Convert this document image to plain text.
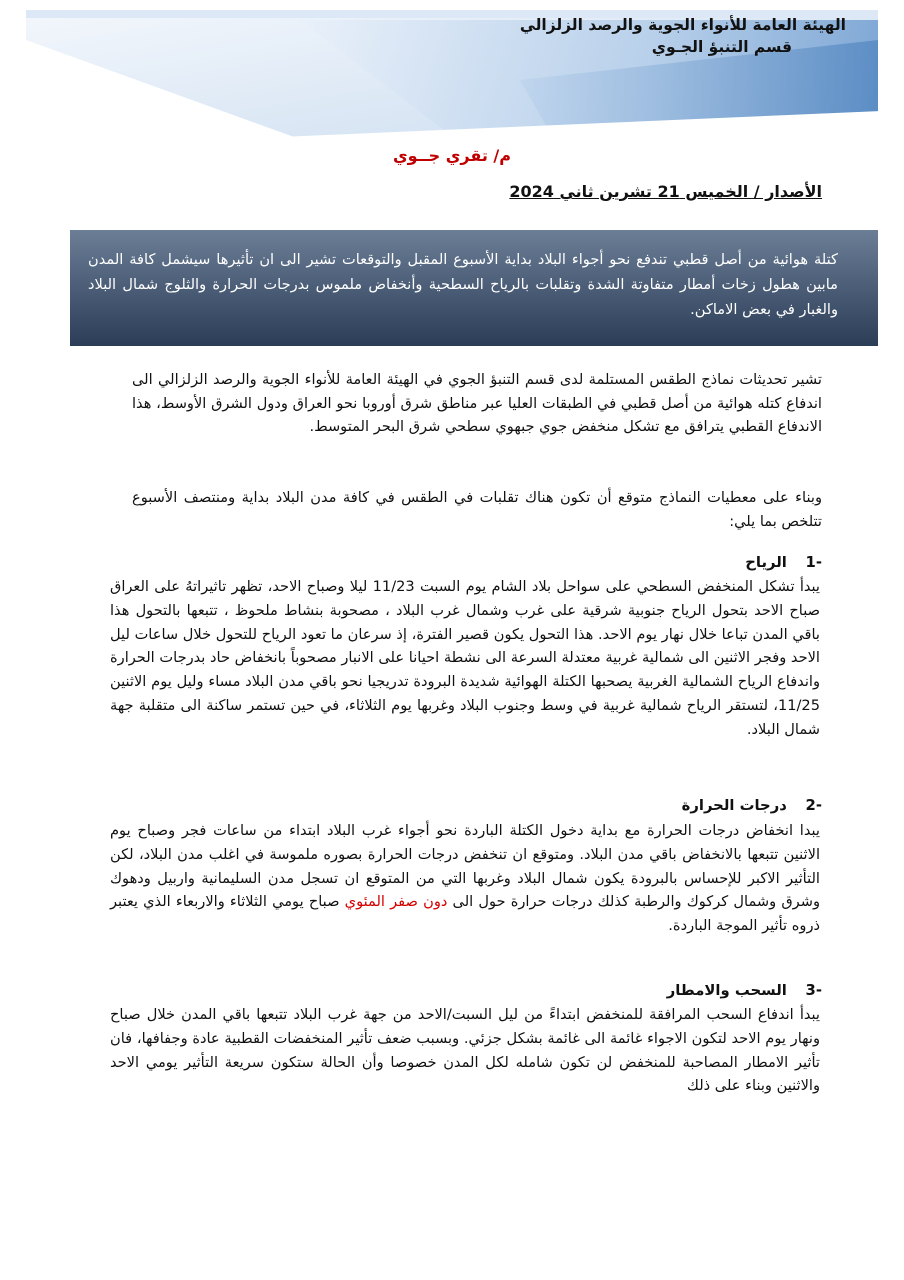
الهيئة العامة للأنواء الجوية والرصد الزلزالي
قسم التنبؤ الجـوي
م/ تقري جــوي
الأصدار / الخميس 21 تشرين ثاني 2024
كتلة هوائية من أصل قطبي تندفع نحو أجواء البلاد بداية الأسبوع المقبل والتوقعات تشير الى ان تأثيرها سيشمل كافة المدن مابين هطول زخات أمطار متفاوتة الشدة وتقلبات بالرياح السطحية وأنخفاض ملموس بدرجات الحرارة والثلوج شمال البلاد والغبار في بعض الاماكن.
تشير تحديثات نماذج الطقس المستلمة لدى قسم التنبؤ الجوي في الهيئة العامة للأنواء الجوية والرصد الزلزالي الى اندفاع كتله هوائية من أصل قطبي في الطبقات العليا عبر مناطق شرق أوروبا نحو العراق ودول الشرق الأوسط، هذا الاندفاع القطبي يترافق مع تشكل منخفض جوي جبهوي سطحي شرق البحر المتوسط.
وبناء على معطيات النماذج متوقع أن تكون هناك تقلبات في الطقس في كافة مدن البلاد بداية ومنتصف الأسبوع تتلخص بما يلي:
-1 الرياح
يبدأ تشكل المنخفض السطحي على سواحل بلاد الشام يوم السبت 11/23 ليلا وصباح الاحد، تظهر تاثيراتهُ على العراق صباح الاحد بتحول الرياح جنوبية شرقية على غرب وشمال غرب البلاد ، مصحوبة بنشاط ملحوظ ، تتبعها بالتحول هذا باقي المدن تباعا خلال نهار يوم الاحد. هذا التحول يكون قصير الفترة، إذ سرعان ما تعود الرياح للتحول خلال ساعات ليل الاحد وفجر الاثنين الى شمالية غربية معتدلة السرعة الى نشطة احيانا على الانبار مصحوباً بانخفاض حاد بدرجات الحرارة واندفاع الرياح الشمالية الغربية يصحبها الكتلة الهوائية شديدة البرودة تدريجيا نحو باقي مدن البلاد مساء وليل يوم الاثنين 11/25، لتستقر الرياح شمالية غربية في وسط وجنوب البلاد وغربها يوم الثلاثاء، في حين تستمر ساكنة الى متقلبة جهة شمال البلاد.
-2 درجات الحرارة
يبدا انخفاض درجات الحرارة مع بداية دخول الكتلة الباردة نحو أجواء غرب البلاد ابتداء من ساعات فجر وصباح يوم الاثنين تتبعها بالانخفاض باقي مدن البلاد. ومتوقع ان تنخفض درجات الحرارة بصوره ملموسة في اغلب مدن البلاد، لكن التأثير الاكبر للإحساس بالبرودة يكون شمال البلاد وغربها التي من المتوقع ان تسجل مدن السليمانية واربيل ودهوك وشرق وشمال كركوك والرطبة كذلك درجات حرارة حول الى دون صفر المئوي صباح يومي الثلاثاء والاربعاء الذي يعتبر ذروه تأثير الموجة الباردة.
-3 السحب والامطار
يبدأ اندفاع السحب المرافقة للمنخفض ابتداءً من ليل السبت/الاحد من جهة غرب البلاد تتبعها باقي المدن خلال صباح ونهار يوم الاحد لتكون الاجواء غائمة الى غائمة بشكل جزئي. وبسبب ضعف تأثير المنخفضات القطبية عادة وجفافها، فان تأثير الامطار المصاحبة للمنخفض لن تكون شامله لكل المدن خصوصا وأن الحالة ستكون سريعة التأثير يومي الاحد والاثنين وبناء على ذلك
